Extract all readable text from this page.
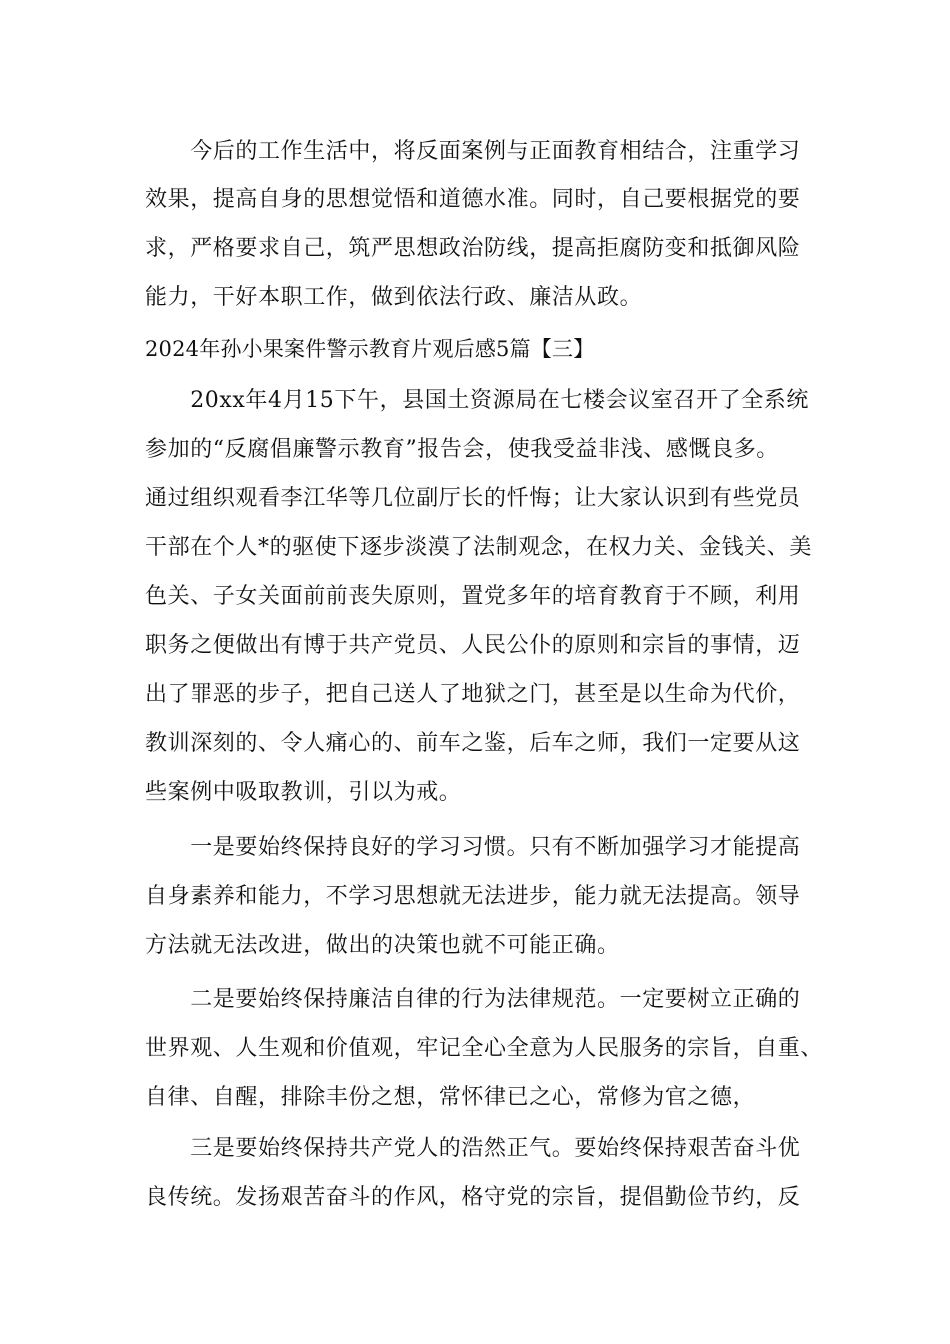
　　今后的工作生活中，将反面案例与正面教育相结合，注重学习
效果，提高自身的思想觉悟和道德水准。同时，自己要根据党的要
求，严格要求自己，筑严思想政治防线，提高拒腐防变和抵御风险
能力，干好本职工作，做到依法行政、廉洁从政。
2024年孙小果案件警示教育片观后感5篇【三】
　　20xx年4月15下午，县国土资源局在七楼会议室召开了全系统
参加的“反腐倡廉警示教育”报告会，使我受益非浅、感慨良多。
通过组织观看李江华等几位副厅长的忏悔；让大家认识到有些党员
干部在个人*的驱使下逐步淡漠了法制观念，在权力关、金钱关、美
色关、子女关面前前丧失原则，置党多年的培育教育于不顾，利用
职务之便做出有博于共产党员、人民公仆的原则和宗旨的事情，迈
出了罪恶的步子，把自己送人了地狱之门，甚至是以生命为代价，
教训深刻的、令人痛心的、前车之鉴，后车之师，我们一定要从这
些案例中吸取教训，引以为戒。
　　一是要始终保持良好的学习习惯。只有不断加强学习才能提高
自身素养和能力，不学习思想就无法进步，能力就无法提高。领导
方法就无法改进，做出的决策也就不可能正确。
　　二是要始终保持廉洁自律的行为法律规范。一定要树立正确的
世界观、人生观和价值观，牢记全心全意为人民服务的宗旨，自重、
自律、自醒，排除丰份之想，常怀律已之心，常修为官之德，
　　三是要始终保持共产党人的浩然正气。要始终保持艰苦奋斗优
良传统。发扬艰苦奋斗的作风，格守党的宗旨，提倡勤俭节约，反
